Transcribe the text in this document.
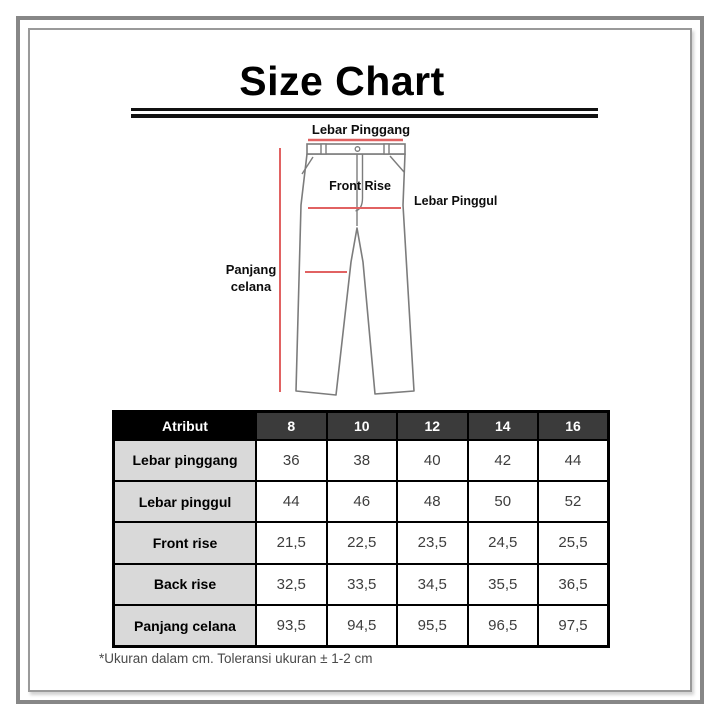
Size Chart
Lebar Pinggang
Front Rise
Lebar Pinggul
Panjang celana
Atribut	8	10	12	14	16
Lebar pinggang	36	38	40	42	44
Lebar pinggul	44	46	48	50	52
Front rise	21,5	22,5	23,5	24,5	25,5
Back rise	32,5	33,5	34,5	35,5	36,5
Panjang celana	93,5	94,5	95,5	96,5	97,5
*Ukuran dalam cm. Toleransi ukuran ± 1-2 cm
